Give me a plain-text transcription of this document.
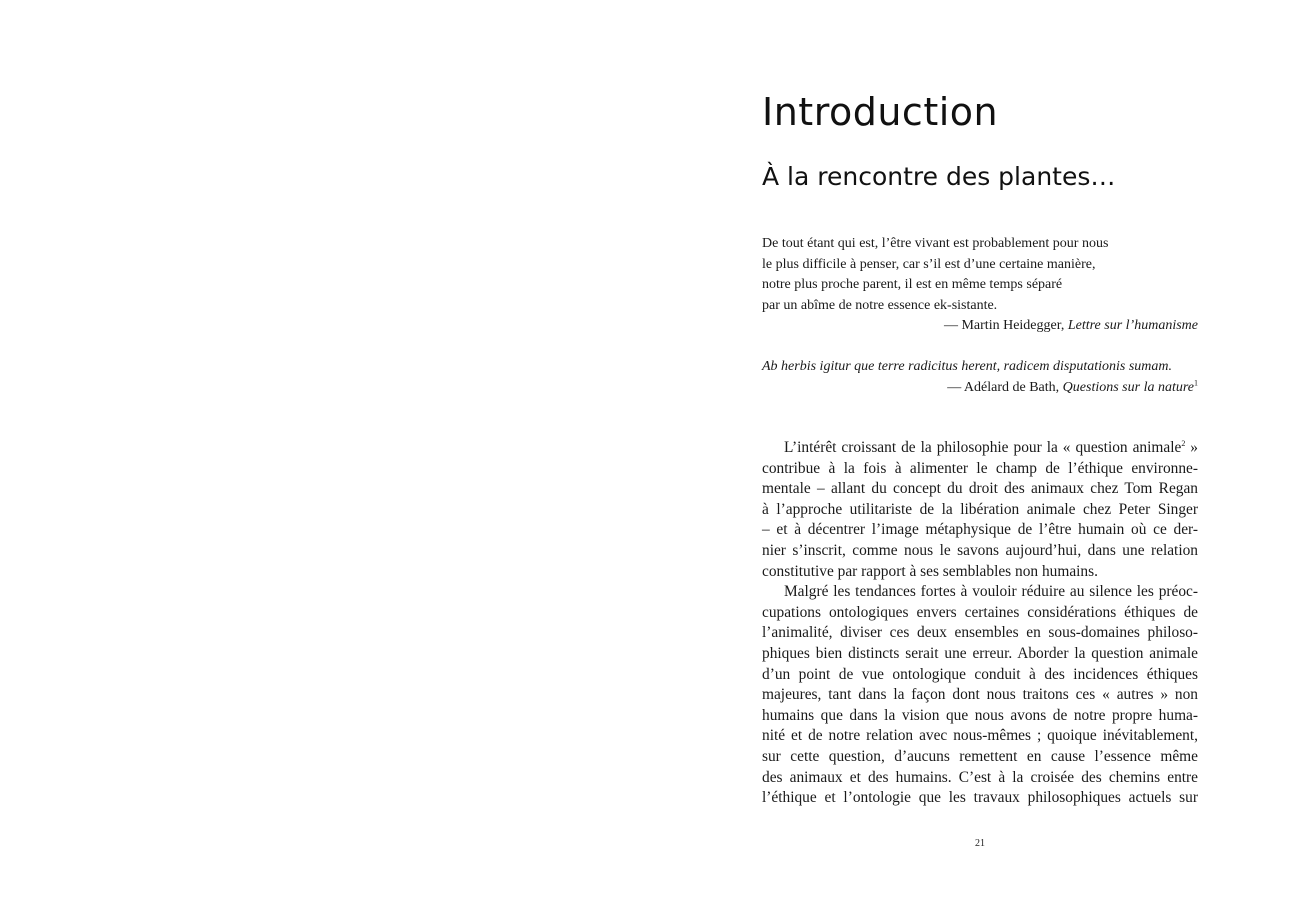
Introduction
À la rencontre des plantes…
De tout étant qui est, l’être vivant est probablement pour nous
le plus difficile à penser, car s’il est d’une certaine manière,
notre plus proche parent, il est en même temps séparé
par un abîme de notre essence ek-sistante.
— Martin Heidegger, Lettre sur l’humanisme
Ab herbis igitur que terre radicitus herent, radicem disputationis sumam.
— Adélard de Bath, Questions sur la nature$^1$

L’intérêt croissant de la philosophie pour la « question animale$^2$ »
contribue à la fois à alimenter le champ de l’éthique environne-
mentale – allant du concept du droit des animaux chez Tom Regan
à l’approche utilitariste de la libération animale chez Peter Singer
– et à décentrer l’image métaphysique de l’être humain où ce der-
nier s’inscrit, comme nous le savons aujourd’hui, dans une relation
constitutive par rapport à ses semblables non humains.

Malgré les tendances fortes à vouloir réduire au silence les préoc-
cupations ontologiques envers certaines considérations éthiques de
l’animalité, diviser ces deux ensembles en sous-domaines philoso-
phiques bien distincts serait une erreur. Aborder la question animale
d’un point de vue ontologique conduit à des incidences éthiques
majeures, tant dans la façon dont nous traitons ces « autres » non
humains que dans la vision que nous avons de notre propre huma-
nité et de notre relation avec nous-mêmes ; quoique inévitablement,
sur cette question, d’aucuns remettent en cause l’essence même
des animaux et des humains. C’est à la croisée des chemins entre
l’éthique et l’ontologie que les travaux philosophiques actuels sur

21
